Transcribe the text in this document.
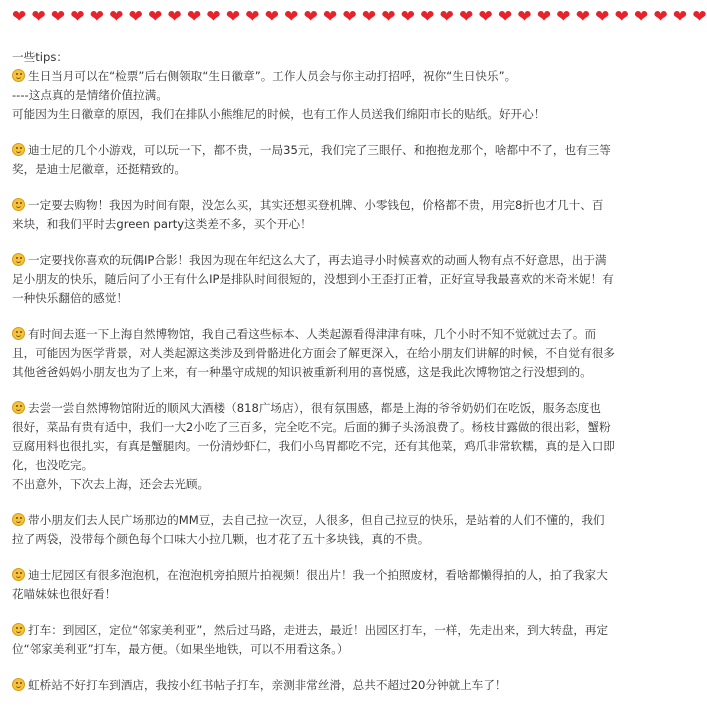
❤ ❤ ❤ ❤ ❤ ❤ ❤ ❤ ❤ ❤ ❤ ❤ ❤ ❤ ❤ ❤ ❤ ❤ ❤ ❤ ❤ ❤ ❤ ❤ ❤ ❤ ❤ ❤ ❤ ❤ ❤ ❤ ❤ ❤ ❤ ❤
一些tips：
生日当月可以在“检票”后右侧领取“生日徽章”。工作人员会与你主动打招呼，祝你“生日快乐”。
----这点真的是情绪价值拉满。
可能因为生日徽章的原因，我们在排队小熊维尼的时候，也有工作人员送我们绵阳市长的贴纸。好开心！
迪士尼的几个小游戏，可以玩一下，都不贵，一局35元，我们完了三眼仔、和抱抱龙那个，啥都中不了，也有三等
奖，是迪士尼徽章，还挺精致的。
一定要去购物！我因为时间有限，没怎么买，其实还想买登机牌、小零钱包，价格都不贵，用完8折也才几十、百
来块，和我们平时去green party这类差不多，买个开心！
一定要找你喜欢的玩偶IP合影！我因为现在年纪这么大了，再去追寻小时候喜欢的动画人物有点不好意思，出于满
足小朋友的快乐，随后问了小王有什么IP是排队时间很短的，没想到小王歪打正着，正好宣导我最喜欢的米奇米妮！有
一种快乐翻倍的感觉！
有时间去逛一下上海自然博物馆，我自己看这些标本、人类起源看得津津有味，几个小时不知不觉就过去了。而
且，可能因为医学背景，对人类起源这类涉及到骨骼进化方面会了解更深入，在给小朋友们讲解的时候，不自觉有很多
其他爸爸妈妈小朋友也为了上来，有一种墨守成规的知识被重新利用的喜悦感，这是我此次博物馆之行没想到的。
去尝一尝自然博物馆附近的顺风大酒楼（818广场店），很有氛围感，都是上海的爷爷奶奶们在吃饭，服务态度也
很好，菜品有贵有适中，我们一大2小吃了三百多，完全吃不完。后面的狮子头汤浪费了。杨枝甘露做的很出彩，蟹粉
豆腐用料也很扎实，有真是蟹腿肉。一份清炒虾仁，我们小鸟胃都吃不完，还有其他菜，鸡爪非常软糯，真的是入口即
化，也没吃完。
不出意外，下次去上海，还会去光顾。
带小朋友们去人民广场那边的MM豆，去自己拉一次豆，人很多，但自己拉豆的快乐，是站着的人们不懂的，我们
拉了两袋，没带每个颜色每个口味大小拉几颗，也才花了五十多块钱，真的不贵。
迪士尼园区有很多泡泡机，在泡泡机旁拍照片拍视频！很出片！我一个拍照废材，看啥都懒得拍的人，拍了我家大
花喵妹妹也很好看！
打车：到园区，定位“邻家美利亚”，然后过马路，走进去，最近！出园区打车，一样，先走出来，到大转盘，再定
位“邻家美利亚”打车，最方便。（如果坐地铁，可以不用看这条。）
虹桥站不好打车到酒店，我按小红书帖子打车，亲测非常丝滑，总共不超过20分钟就上车了！
